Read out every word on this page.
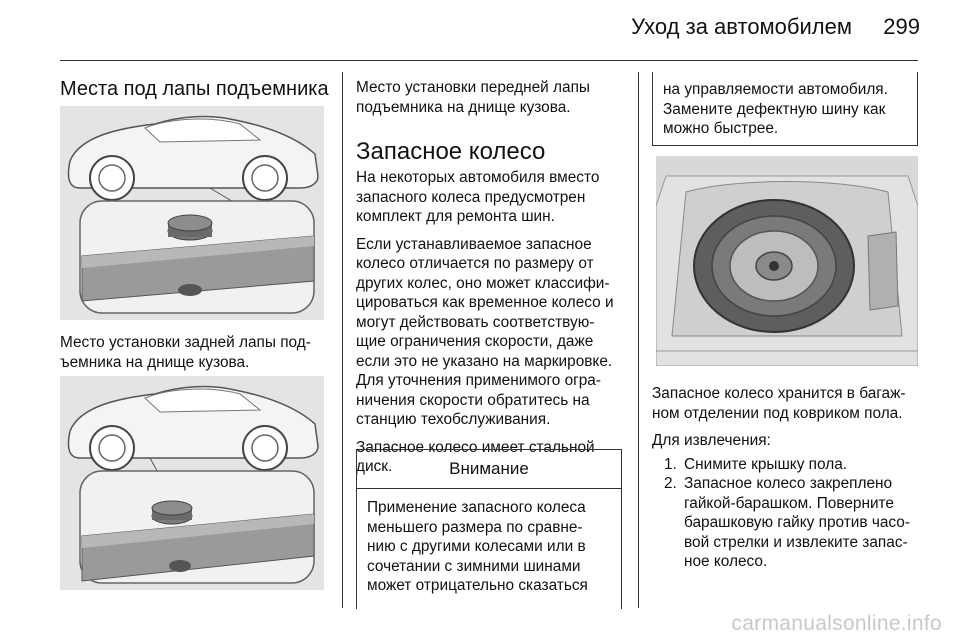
Уход за автомобилем 299
Места под лапы подъемника

Место установки задней лапы под-

ъемника на днище кузова.

Место установки передней лапы

подъемника на днище кузова.

Запасное колесо

На некоторых автомобиля вместо

запасного колеса предусмотрен

комплект для ремонта шин.

Если устанавливаемое запасное

колесо отличается по размеру от

других колес, оно может классифи-

цироваться как временное колесо и

могут действовать соответствую-

щие ограничения скорости, даже

если это не указано на маркировке.

Для уточнения применимого огра-

ничения скорости обратитесь на

станцию техобслуживания.

Запасное колесо имеет стальной

диск.	Внимание

Применение запасного колеса

меньшего размера по сравне-

нию с другими колесами или в

сочетании с зимними шинами

может отрицательно сказаться

на управляемости автомобиля.

Замените дефектную шину как

можно быстрее.

Запасное колесо хранится в багаж-

ном отделении под ковриком пола.

Для извлечения:

1. Снимите крышку пола.
2. Запасное колесо закреплено
гайкой-барашком. Поверните
барашковую гайку против часо-
вой стрелки и извлеките запас-
ное колесо.
carmanualsonline.info
